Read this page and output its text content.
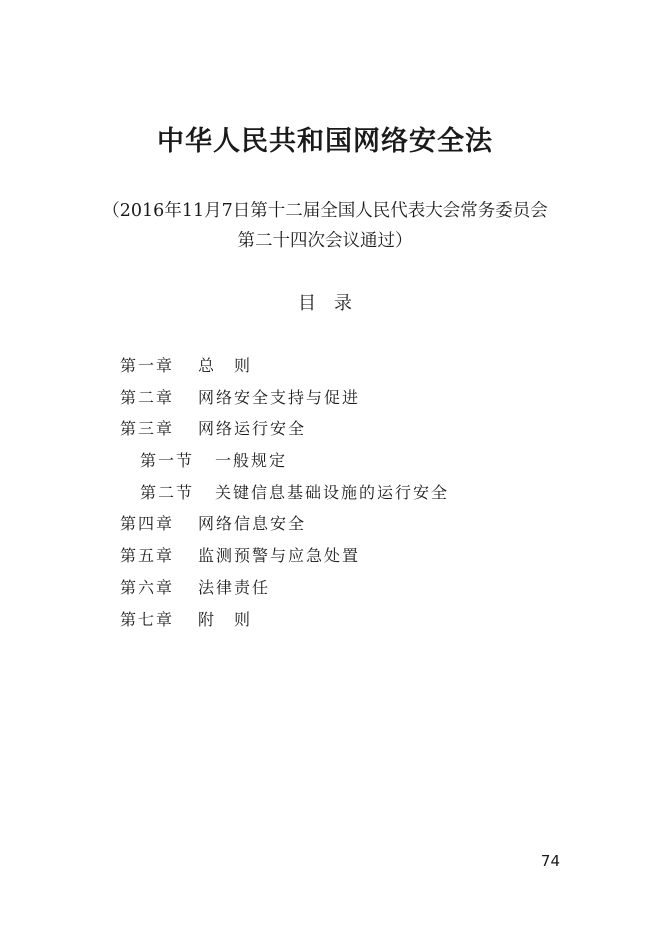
中华人民共和国网络安全法
（2016年11月7日第十二届全国人民代表大会常务委员会
第二十四次会议通过）
目录
第一章 总　则
第二章 网络安全支持与促进
第三章 网络运行安全
第一节 一般规定
第二节 关键信息基础设施的运行安全
第四章 网络信息安全
第五章 监测预警与应急处置
第六章 法律责任
第七章 附　则
74
